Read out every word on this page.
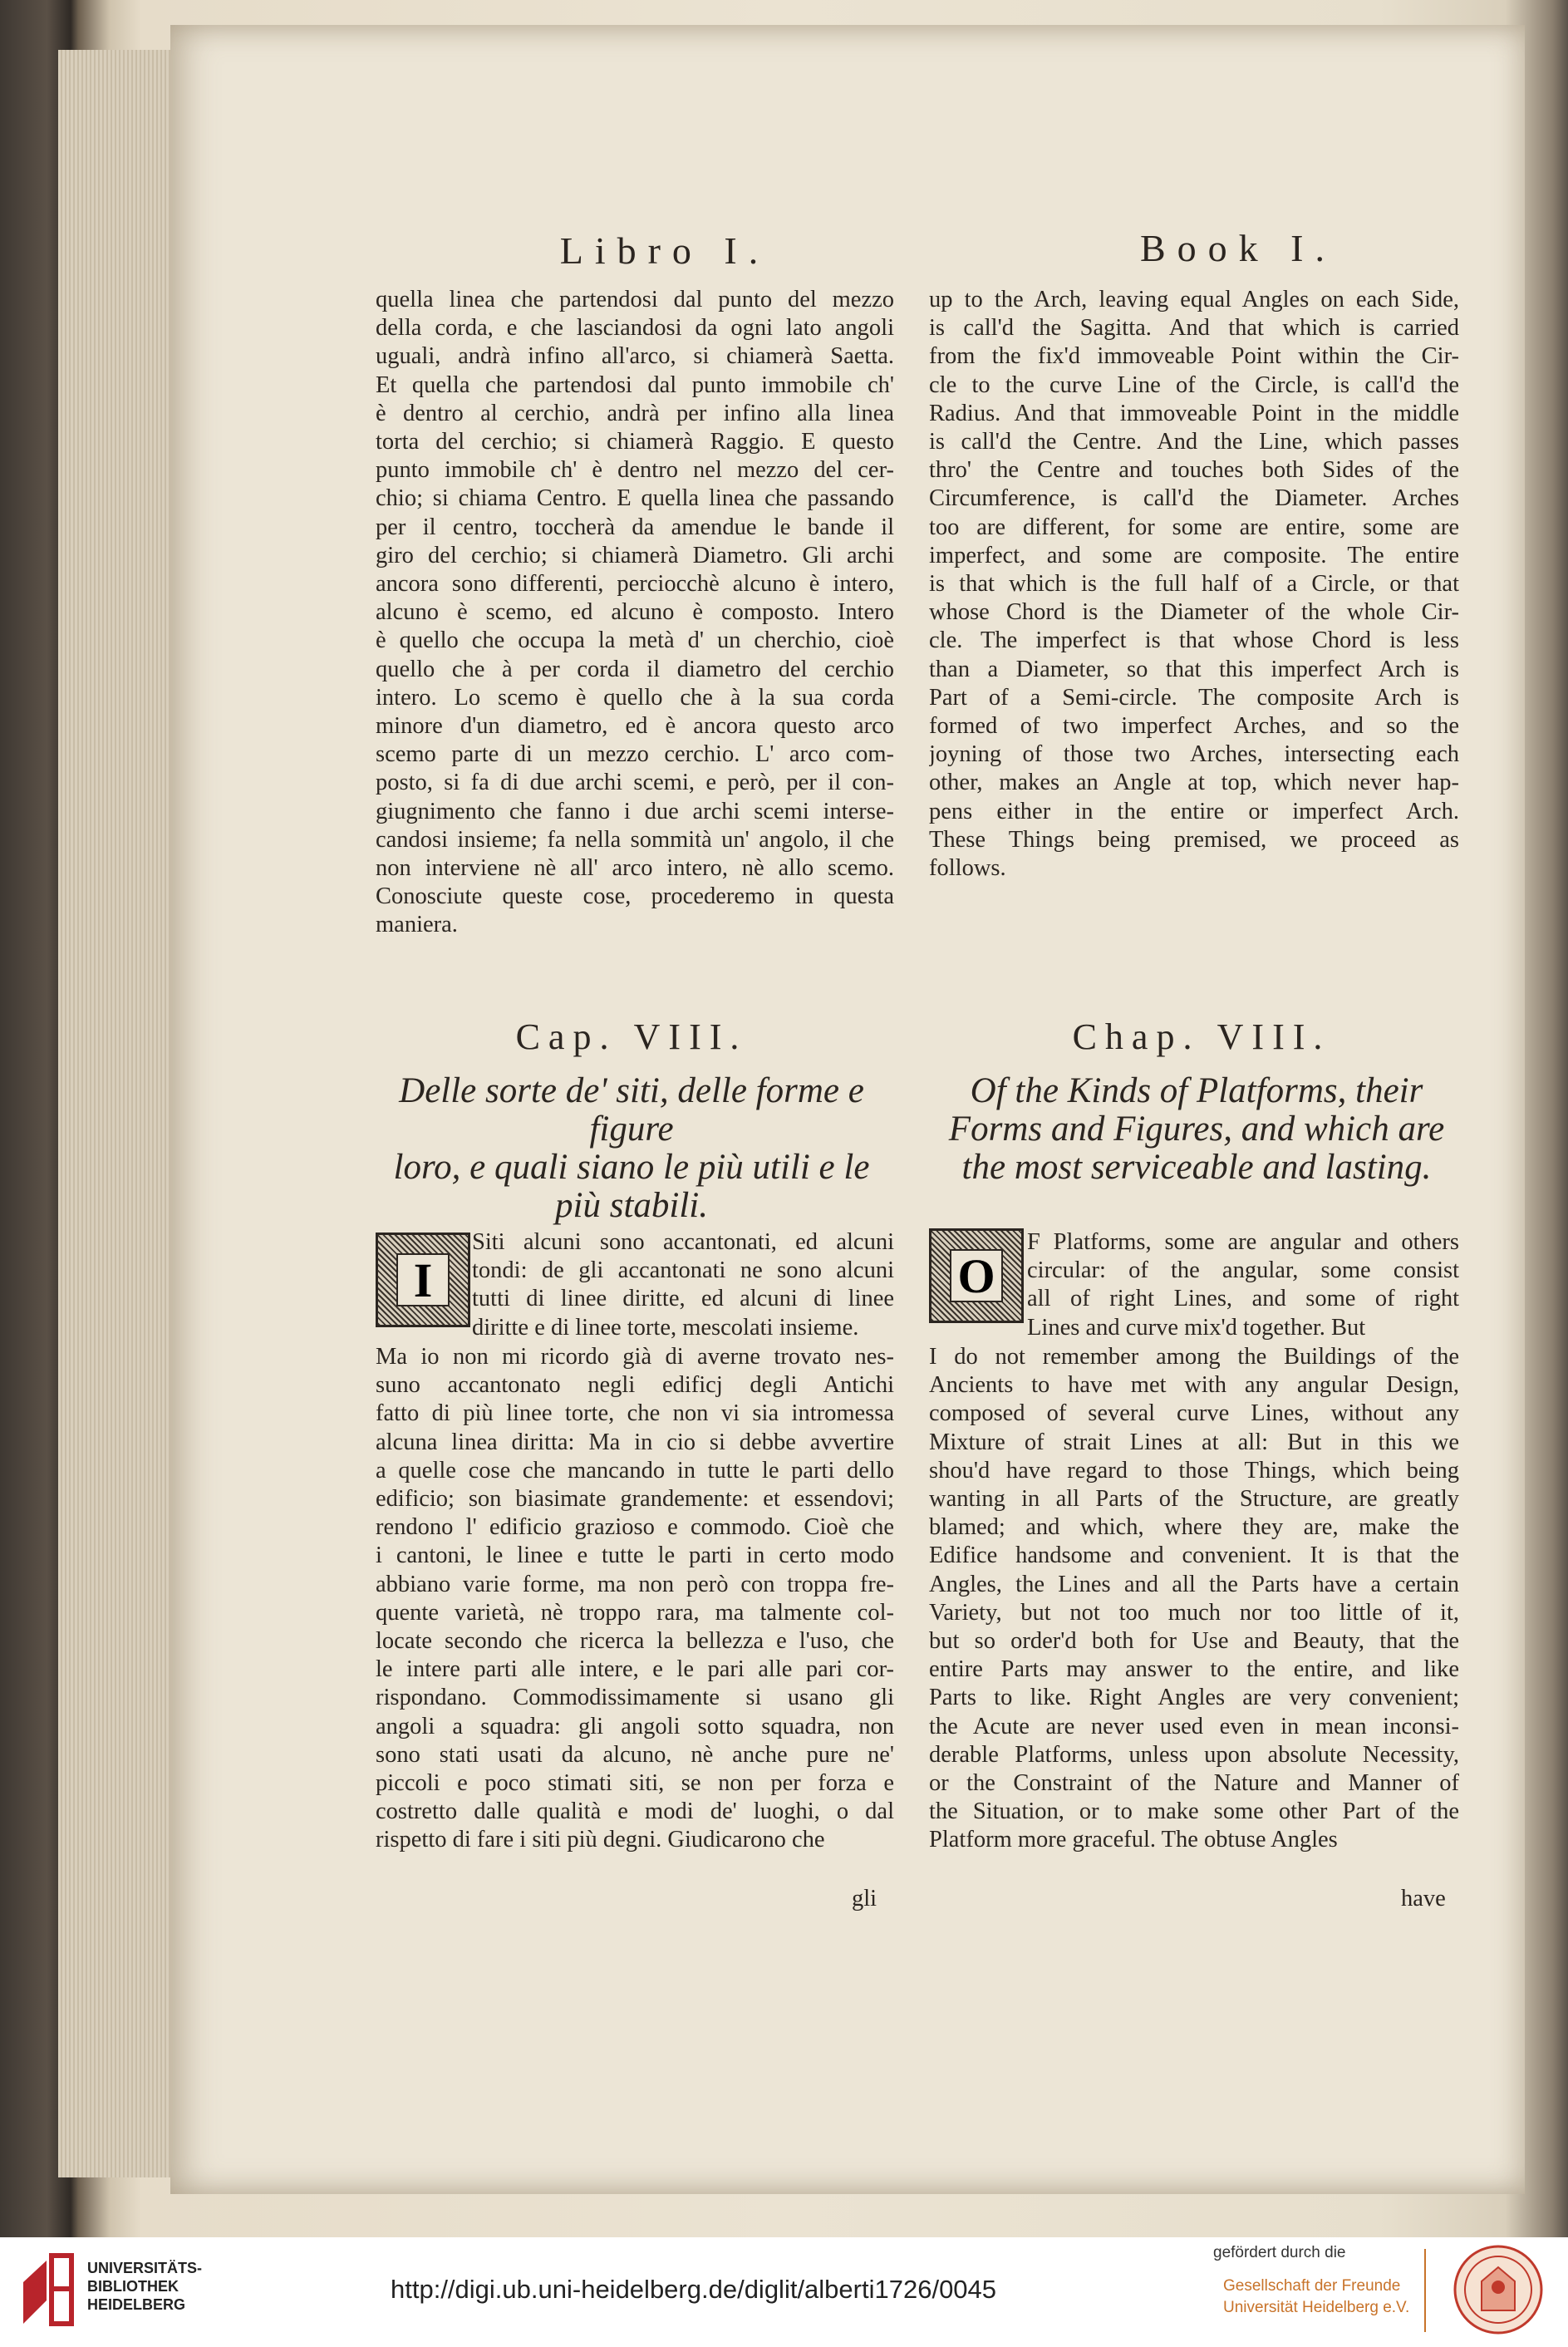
Libro I.
quella linea che partendosi dal punto del mezzo
della corda, e che lasciandosi da ogni lato angoli
uguali, andrà infino all'arco, si chiamerà Saetta.
Et quella che partendosi dal punto immobile ch'
è dentro al cerchio, andrà per infino alla linea
torta del cerchio; si chiamerà Raggio. E questo
punto immobile ch' è dentro nel mezzo del cer-
chio; si chiama Centro. E quella linea che passando
per il centro, toccherà da amendue le bande il
giro del cerchio; si chiamerà Diametro. Gli archi
ancora sono differenti, perciocchè alcuno è intero,
alcuno è scemo, ed alcuno è composto. Intero
è quello che occupa la metà d' un cherchio, cioè
quello che à per corda il diametro del cerchio
intero. Lo scemo è quello che à la sua corda
minore d'un diametro, ed è ancora questo arco
scemo parte di un mezzo cerchio. L' arco com-
posto, si fa di due archi scemi, e però, per il con-
giugnimento che fanno i due archi scemi interse-
candosi insieme; fa nella sommità un' angolo, il che
non interviene nè all' arco intero, nè allo scemo.
Conosciute queste cose, procederemo in questa
maniera.
Cap. VIII.
Delle sorte de' siti, delle forme e figure
loro, e quali siano le più utili e le
più stabili.
I
Siti alcuni sono accantonati, ed alcuni
tondi: de gli accantonati ne sono alcuni
tutti di linee diritte, ed alcuni di linee
diritte e di linee torte, mescolati insieme.
Ma io non mi ricordo già di averne trovato nes-
suno accantonato negli edificj degli Antichi
fatto di più linee torte, che non vi sia intromessa
alcuna linea diritta: Ma in cio si debbe avvertire
a quelle cose che mancando in tutte le parti dello
edificio; son biasimate grandemente: et essendovi;
rendono l' edificio grazioso e commodo. Cioè che
i cantoni, le linee e tutte le parti in certo modo
abbiano varie forme, ma non però con troppa fre-
quente varietà, nè troppo rara, ma talmente col-
locate secondo che ricerca la bellezza e l'uso, che
le intere parti alle intere, e le pari alle pari cor-
rispondano. Commodissimamente si usano gli
angoli a squadra: gli angoli sotto squadra, non
sono stati usati da alcuno, nè anche pure ne'
piccoli e poco stimati siti, se non per forza e
costretto dalle qualità e modi de' luoghi, o dal
rispetto di fare i siti più degni. Giudicarono che
gli
Book I.
up to the Arch, leaving equal Angles on each Side,
is call'd the Sagitta. And that which is carried
from the fix'd immoveable Point within the Cir-
cle to the curve Line of the Circle, is call'd the
Radius. And that immoveable Point in the middle
is call'd the Centre. And the Line, which passes
thro' the Centre and touches both Sides of the
Circumference, is call'd the Diameter. Arches
too are different, for some are entire, some are
imperfect, and some are composite. The entire
is that which is the full half of a Circle, or that
whose Chord is the Diameter of the whole Cir-
cle. The imperfect is that whose Chord is less
than a Diameter, so that this imperfect Arch is
Part of a Semi-circle. The composite Arch is
formed of two imperfect Arches, and so the
joyning of those two Arches, intersecting each
other, makes an Angle at top, which never hap-
pens either in the entire or imperfect Arch.
These Things being premised, we proceed as
follows.
Chap. VIII.
Of the Kinds of Platforms, their
Forms and Figures, and which are
the most serviceable and lasting.
O
F Platforms, some are angular and others
circular: of the angular, some consist
all of right Lines, and some of right
Lines and curve mix'd together. But
I do not remember among the Buildings of the
Ancients to have met with any angular Design,
composed of several curve Lines, without any
Mixture of strait Lines at all: But in this we
shou'd have regard to those Things, which being
wanting in all Parts of the Structure, are greatly
blamed; and which, where they are, make the
Edifice handsome and convenient. It is that the
Angles, the Lines and all the Parts have a certain
Variety, but not too much nor too little of it,
but so order'd both for Use and Beauty, that the
entire Parts may answer to the entire, and like
Parts to like. Right Angles are very convenient;
the Acute are never used even in mean inconsi-
derable Platforms, unless upon absolute Necessity,
or the Constraint of the Nature and Manner of
the Situation, or to make some other Part of the
Platform more graceful. The obtuse Angles
have
UNIVERSITÄTS-
BIBLIOTHEK
HEIDELBERG
http://digi.ub.uni-heidelberg.de/diglit/alberti1726/0045
gefördert durch die
Gesellschaft der Freunde
Universität Heidelberg e.V.
